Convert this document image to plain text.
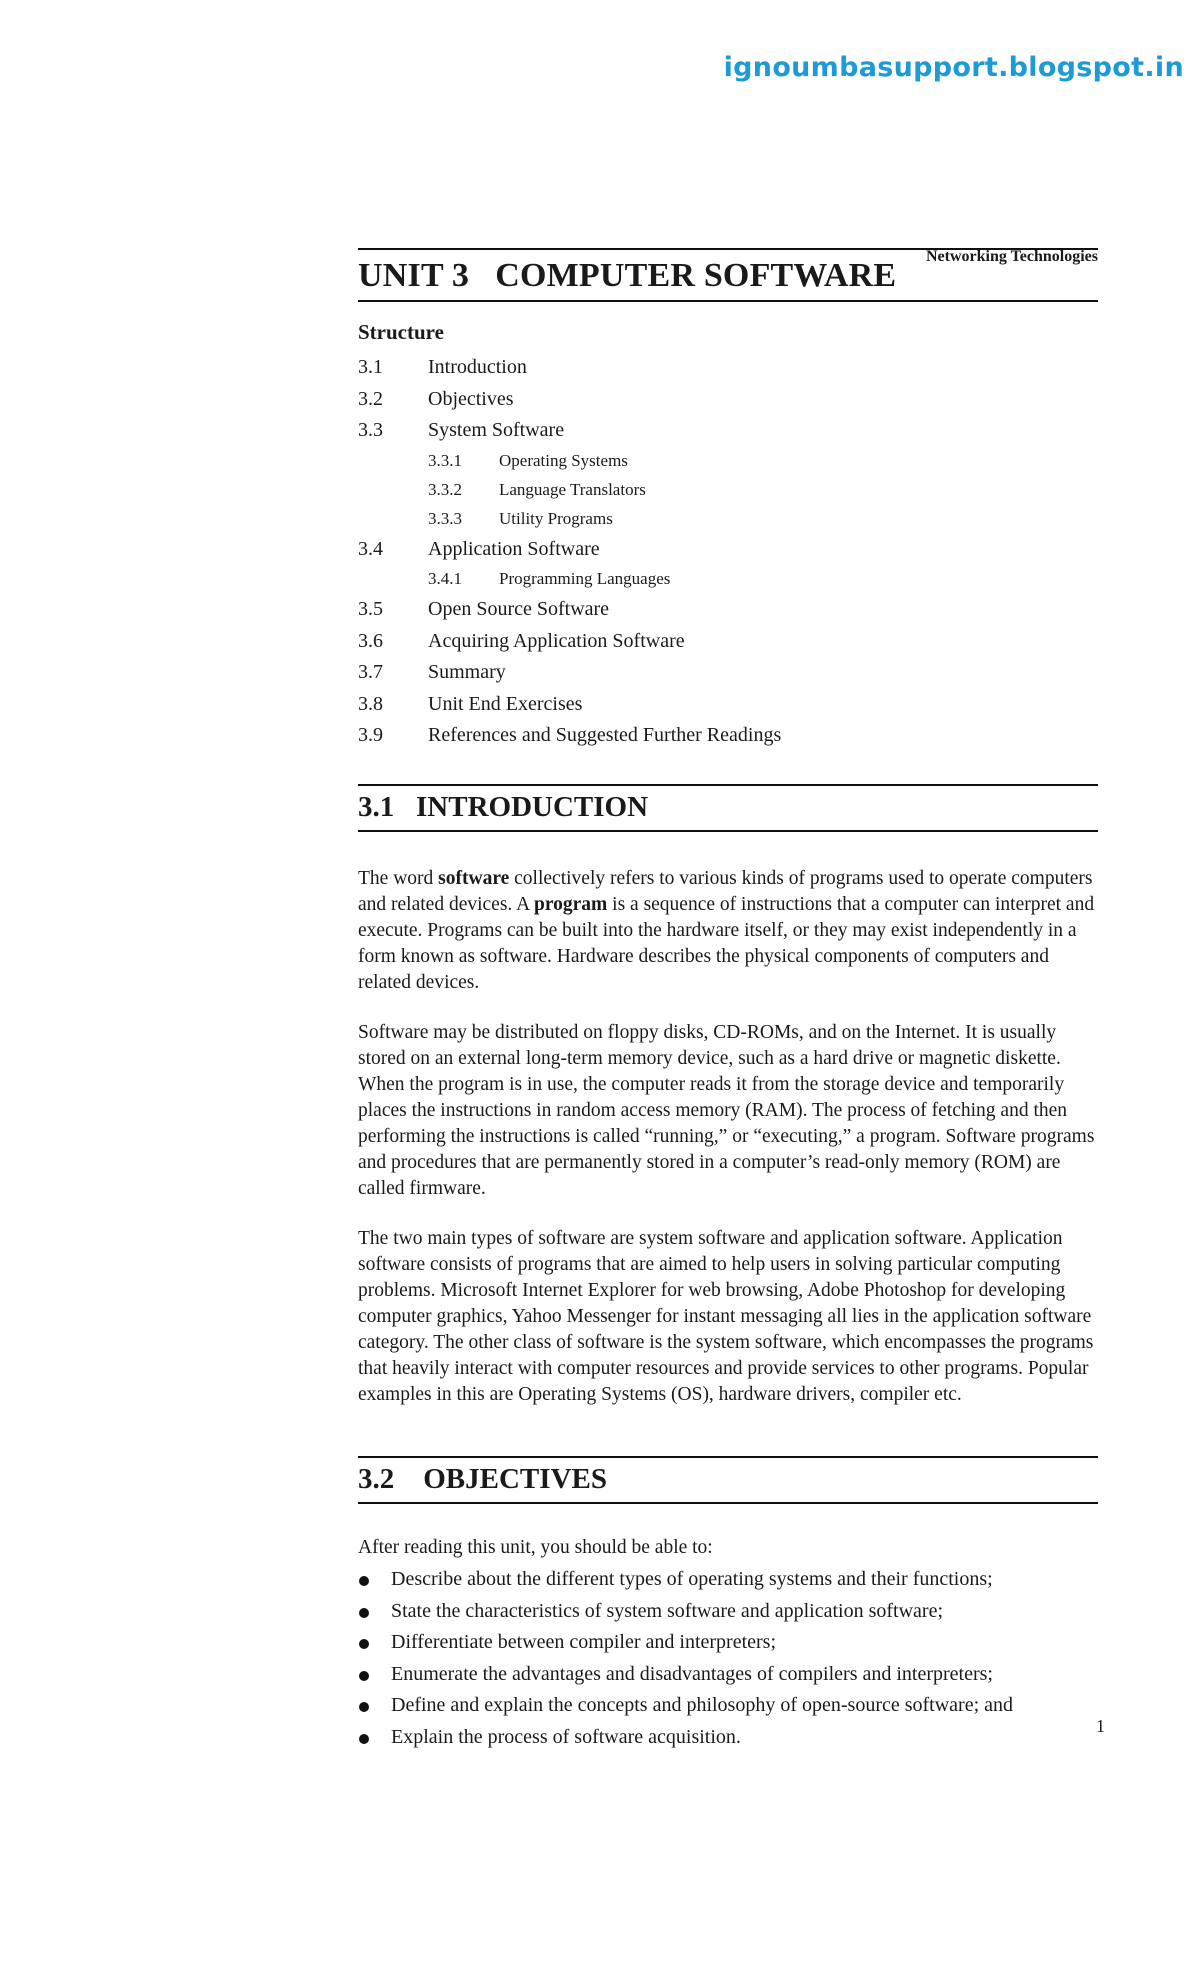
ignoumbasupport.blogspot.in
UNIT 3   COMPUTER SOFTWARE
Networking Technologies
Structure
3.1 Introduction
3.2 Objectives
3.3 System Software
3.3.1 Operating Systems
3.3.2 Language Translators
3.3.3 Utility Programs
3.4 Application Software
3.4.1 Programming Languages
3.5 Open Source Software
3.6 Acquiring Application Software
3.7 Summary
3.8 Unit End Exercises
3.9 References and Suggested Further Readings
3.1   INTRODUCTION

The word software collectively refers to various kinds of programs used to operate computers and related devices. A program is a sequence of instructions that a computer can interpret and execute. Programs can be built into the hardware itself, or they may exist independently in a form known as software. Hardware describes the physical components of computers and related devices.

Software may be distributed on floppy disks, CD-ROMs, and on the Internet. It is usually stored on an external long-term memory device, such as a hard drive or magnetic diskette. When the program is in use, the computer reads it from the storage device and temporarily places the instructions in random access memory (RAM). The process of fetching and then performing the instructions is called “running,” or “executing,” a program. Software programs and procedures that are permanently stored in a computer’s read-only memory (ROM) are called firmware.

The two main types of software are system software and application software. Application software consists of programs that are aimed to help users in solving particular computing problems. Microsoft Internet Explorer for web browsing, Adobe Photoshop for developing computer graphics, Yahoo Messenger for instant messaging all lies in the application software category. The other class of software is the system software, which encompasses the programs that heavily interact with computer resources and provide services to other programs. Popular examples in this are Operating Systems (OS), hardware drivers, compiler etc.

3.2    OBJECTIVES

After reading this unit, you should be able to:

Describe about the different types of operating systems and their functions;
State the characteristics of system software and application software;
Differentiate between compiler and interpreters;
Enumerate the advantages and disadvantages of compilers and interpreters;
Define and explain the concepts and philosophy of open-source software; and
Explain the process of software acquisition.	1
